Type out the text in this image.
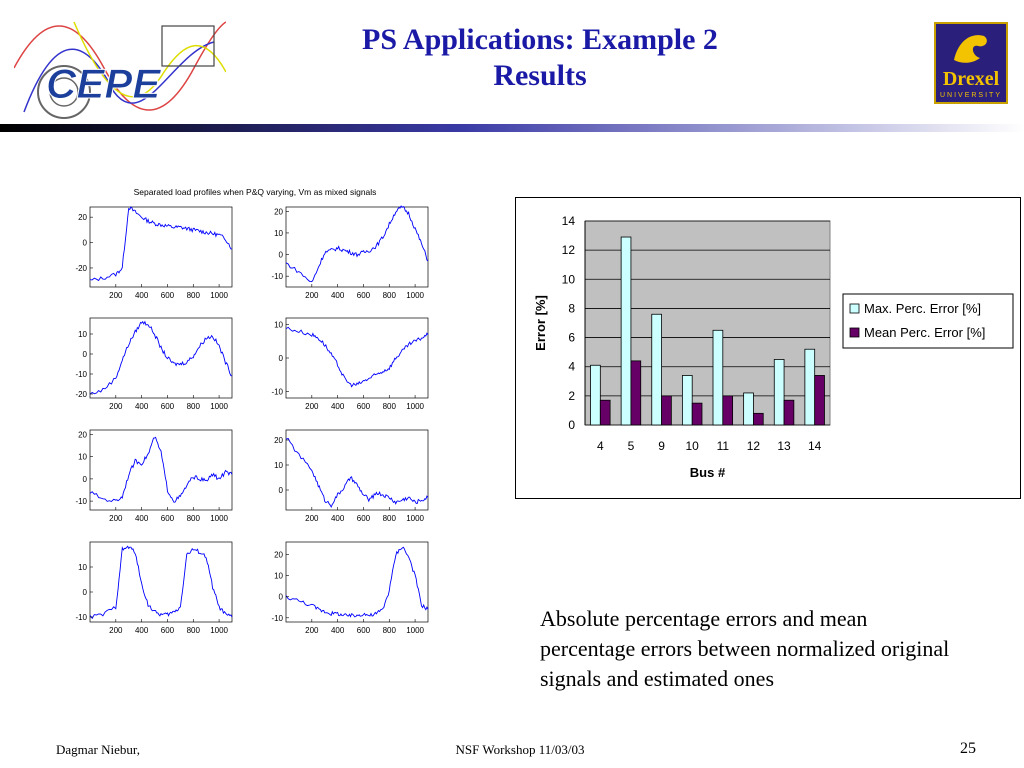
PS Applications: Example 2
Results
CEPE	Drexel
UNIVERSITY
Separated load profiles when P&Q varying, Vm as mixed signals
20
0
-20
200 400 600 800 1000
20
10
0
-10
200 400 600 800 1000
10
0
-10
-20
200 400 600 800 1000
10
0
-10
200 400 600 800 1000
20
10
0
-10
200 400 600 800 1000
20
10
0
200 400 600 800 1000
10
0
-10
200 400 600 800 1000
20
10
0
-10
200 400 600 800 1000
0
2
4
6
8
10
12
14
4 5 9 10 11 12 13 14
Error [%]
Bus #
Max. Perc. Error [%]
Mean Perc. Error [%]
Absolute percentage errors and mean percentage errors between normalized original signals and estimated ones
Dagmar Niebur,	NSF Workshop 11/03/03	25
